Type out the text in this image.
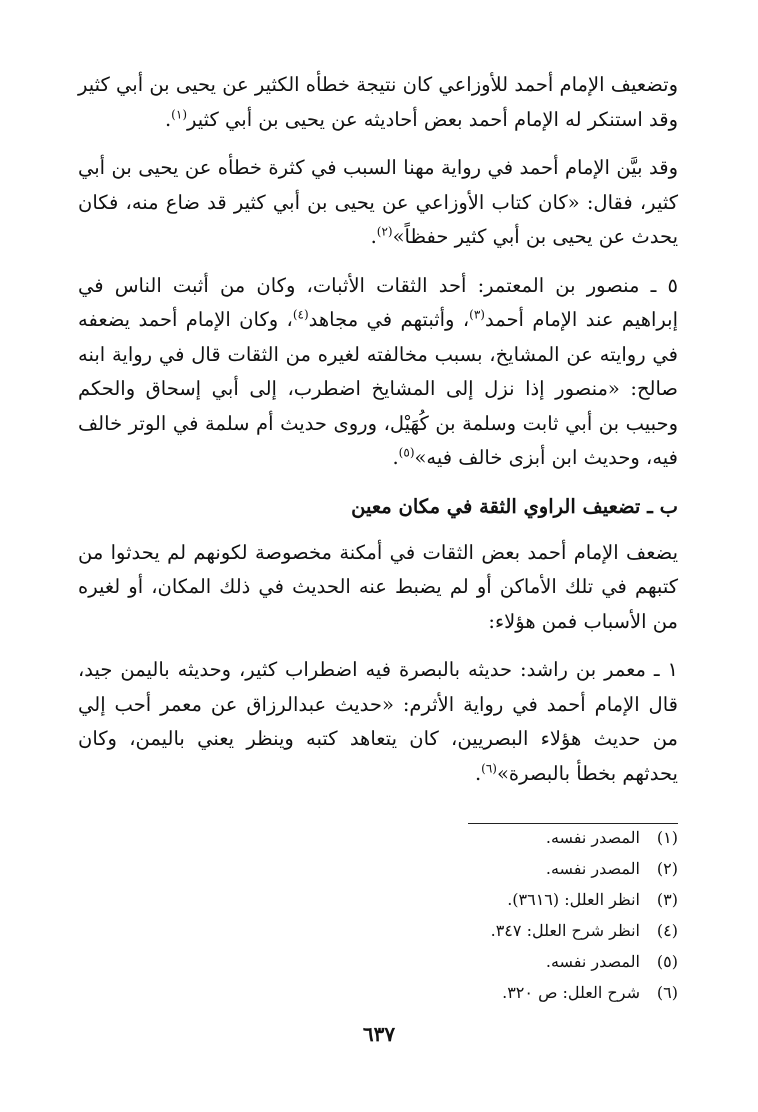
وتضعيف الإمام أحمد للأوزاعي كان نتيجة خطأه الكثير عن يحيى بن أبي كثير وقد استنكر له الإمام أحمد بعض أحاديثه عن يحيى بن أبي كثير$^{(١)}$.

وقد بيَّن الإمام أحمد في رواية مهنا السبب في كثرة خطأه عن يحيى بن أبي كثير، فقال: «كان كتاب الأوزاعي عن يحيى بن أبي كثير قد ضاع منه، فكان يحدث عن يحيى بن أبي كثير حفظاً»$^{(٢)}$.

٥ ـ منصور بن المعتمر: أحد الثقات الأثبات، وكان من أثبت الناس في إبراهيم عند الإمام أحمد$^{(٣)}$، وأثبتهم في مجاهد$^{(٤)}$، وكان الإمام أحمد يضعفه في روايته عن المشايخ، بسبب مخالفته لغيره من الثقات قال في رواية ابنه صالح: «منصور إذا نزل إلى المشايخ اضطرب، إلى أبي إسحاق والحكم وحبيب بن أبي ثابت وسلمة بن كُهَيْل، وروى حديث أم سلمة في الوتر خالف فيه، وحديث ابن أبزى خالف فيه»$^{(٥)}$.

ب ـ تضعيف الراوي الثقة في مكان معين

يضعف الإمام أحمد بعض الثقات في أمكنة مخصوصة لكونهم لم يحدثوا من كتبهم في تلك الأماكن أو لم يضبط عنه الحديث في ذلك المكان، أو لغيره من الأسباب فمن هؤلاء:

١ ـ معمر بن راشد: حديثه بالبصرة فيه اضطراب كثير، وحديثه باليمن جيد، قال الإمام أحمد في رواية الأثرم: «حديث عبدالرزاق عن معمر أحب إلي من حديث هؤلاء البصريين، كان يتعاهد كتبه وينظر يعني باليمن، وكان يحدثهم بخطأ بالبصرة»$^{(٦)}$.

(١)المصدر نفسه.
(٢)المصدر نفسه.
(٣)انظر العلل: (٣٦١٦).
(٤)انظر شرح العلل: ٣٤٧.
(٥)المصدر نفسه.
(٦)شرح العلل: ص ٣٢٠.
٦٣٧
